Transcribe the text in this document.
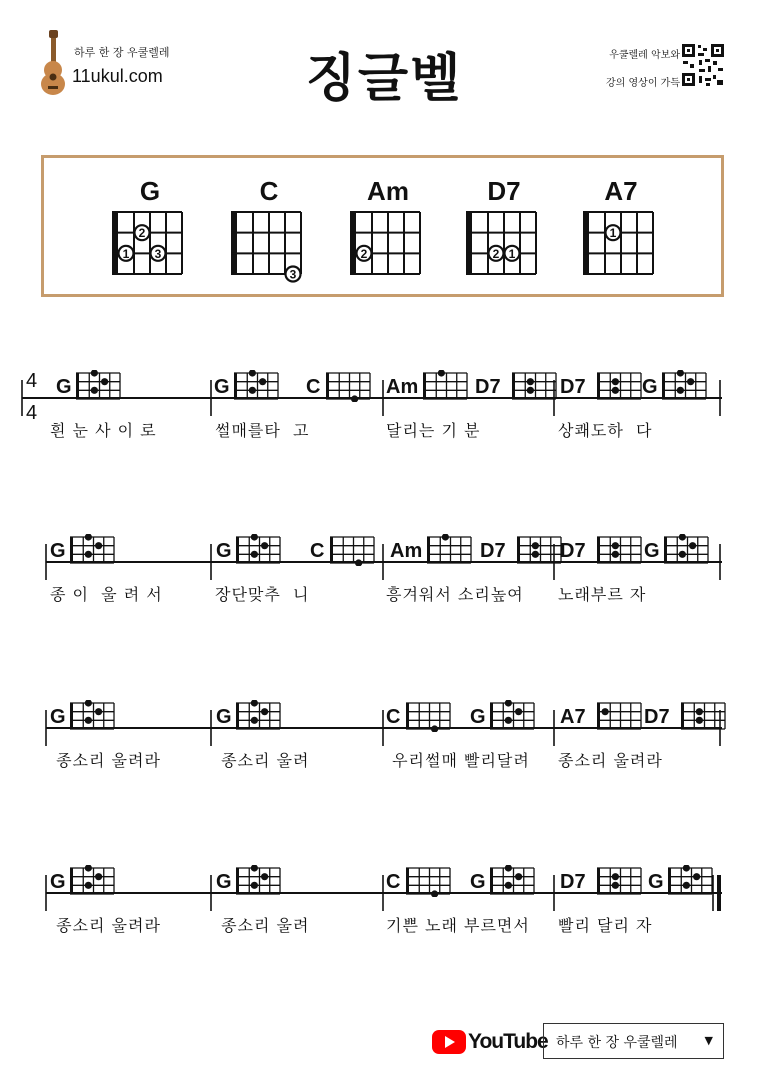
하루 한 장 우쿨렐레
11ukul.com	징글벨	우쿨렐레 악보와
강의 영상이 가득
G
2
3
1
C
3
Am
2
D7
2 1
A7
1
4
4
G	G	C	Am	D7	D7	G
흰 눈 사 이 로	썰매를타  고	달리는 기 분	상쾌도하  다
G	G	C	Am	D7	D7	G
종 이  울 려 서	장단맞추  니	흥겨워서 소리높여 노래부르 자
G	G	C	G	A7	D7
종소리 울려라	종소리 울려	우리썰매 빨리달려 종소리 울려라
G	G	C	G	D7	G
종소리 울려라	종소리 울려	기쁜 노래 부르면서 빨리 달리 자
YouTube 하루 한 장 우쿨렐레 ▼
